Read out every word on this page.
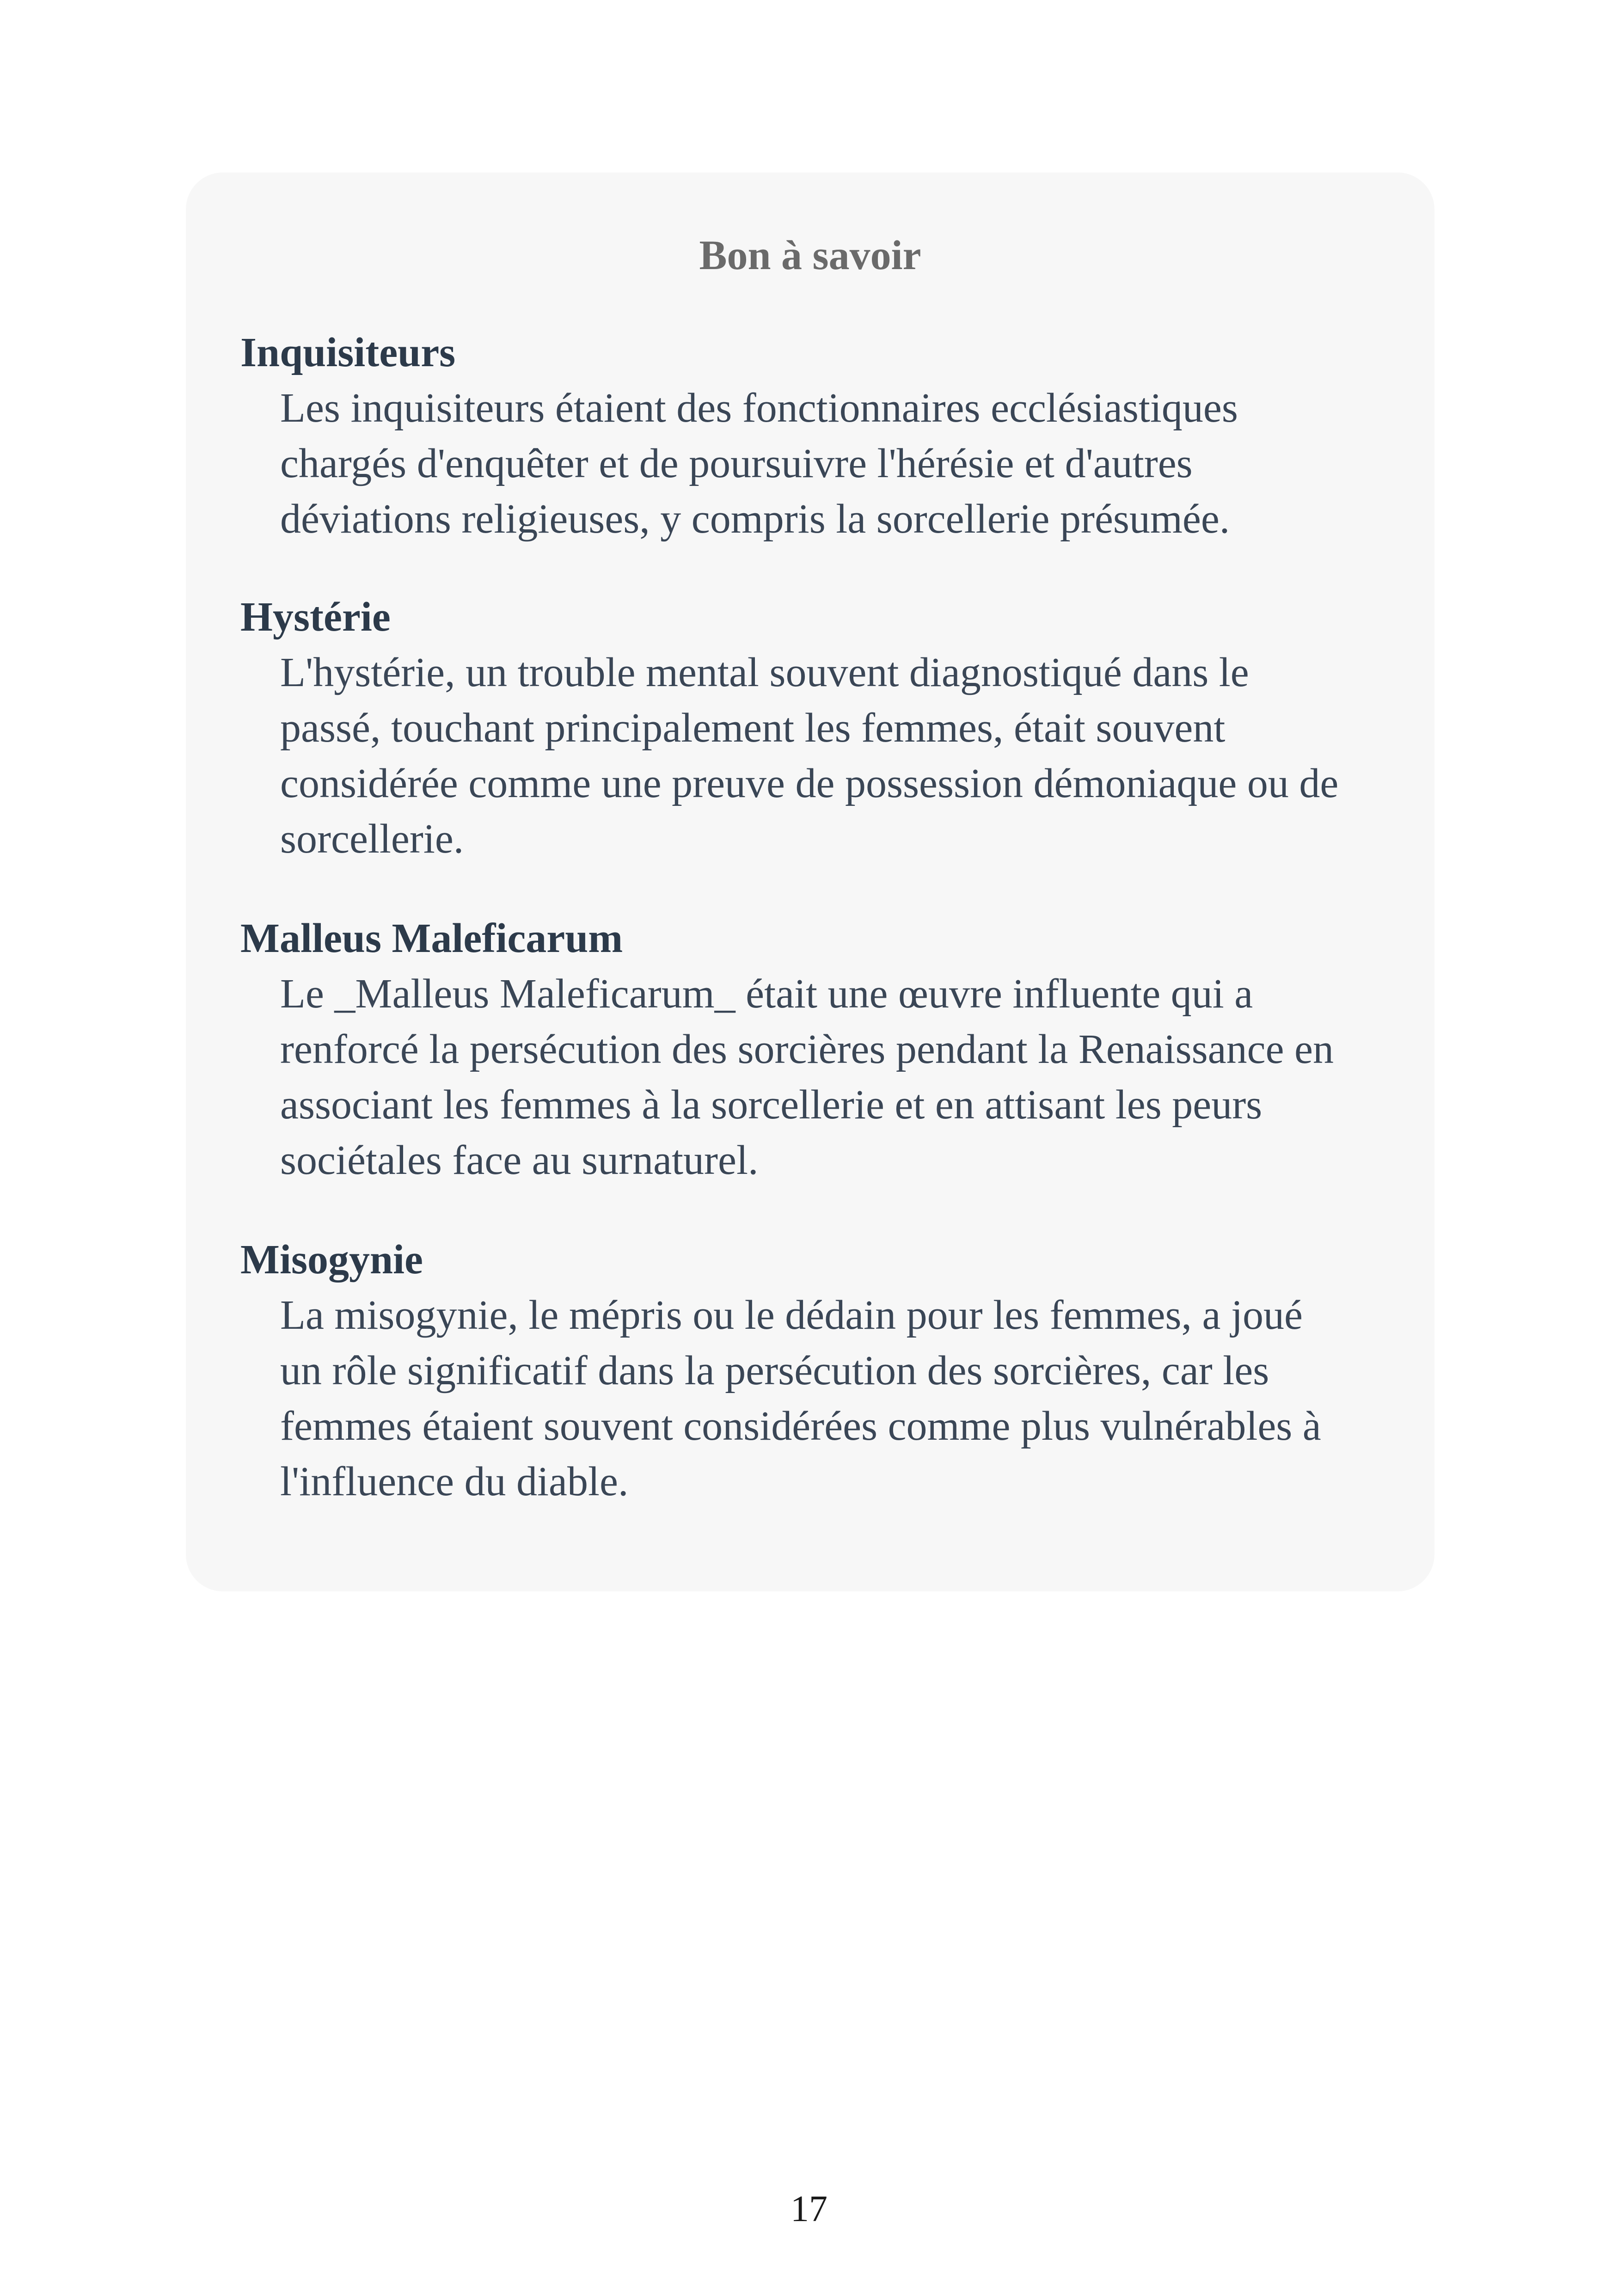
Bon à savoir
Inquisiteurs
Les inquisiteurs étaient des fonctionnaires ecclésiastiques
chargés d'enquêter et de poursuivre l'hérésie et d'autres
déviations religieuses, y compris la sorcellerie présumée.
Hystérie
L'hystérie, un trouble mental souvent diagnostiqué dans le
passé, touchant principalement les femmes, était souvent
considérée comme une preuve de possession démoniaque ou de
sorcellerie.
Malleus Maleficarum
Le _Malleus Maleficarum_ était une œuvre influente qui a
renforcé la persécution des sorcières pendant la Renaissance en
associant les femmes à la sorcellerie et en attisant les peurs
sociétales face au surnaturel.
Misogynie
La misogynie, le mépris ou le dédain pour les femmes, a joué
un rôle significatif dans la persécution des sorcières, car les
femmes étaient souvent considérées comme plus vulnérables à
l'influence du diable.
17
